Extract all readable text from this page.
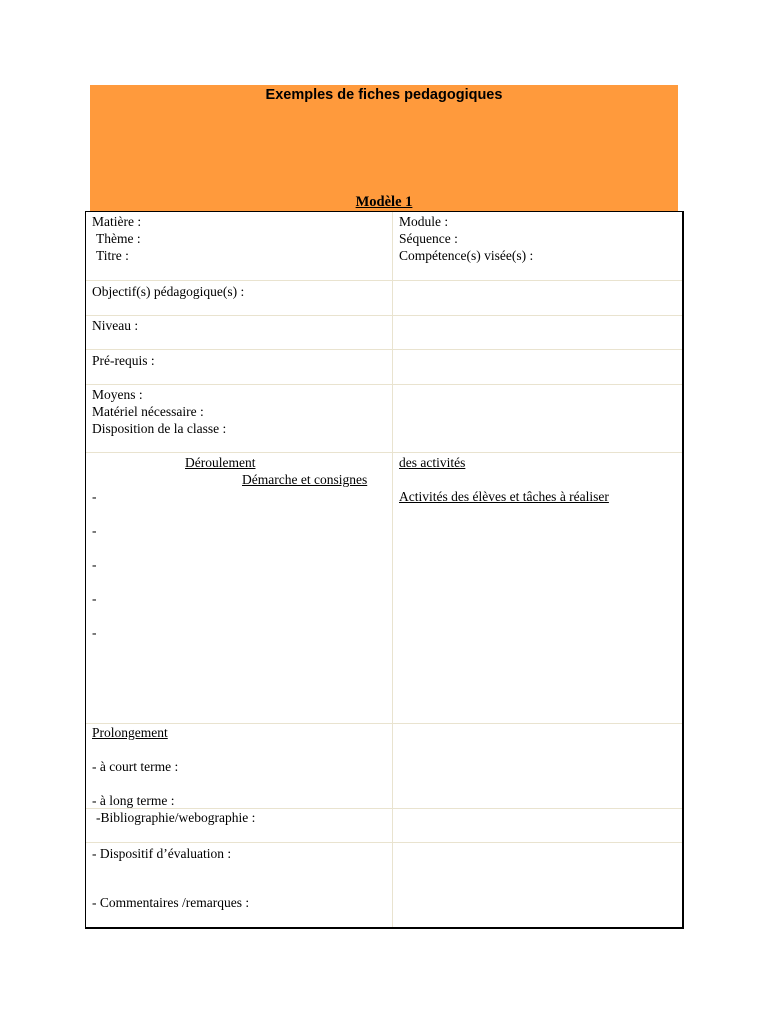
Exemples de fiches pedagogiques
Modèle 1
Matière :
Thème :
Titre :
Module :
Séquence :
Compétence(s) visée(s) :
Objectif(s) pédagogique(s) :
Niveau :
Pré-requis :
Moyens :
Matériel nécessaire :
Disposition de la classe :
Déroulement	des activités
Démarche et consignes
Activités des élèves et tâches à réaliser
-
-
-
-
-
Prolongement
- à court terme :
- à long terme :
-Bibliographie/webographie :
- Dispositif d’évaluation :
- Commentaires /remarques :
